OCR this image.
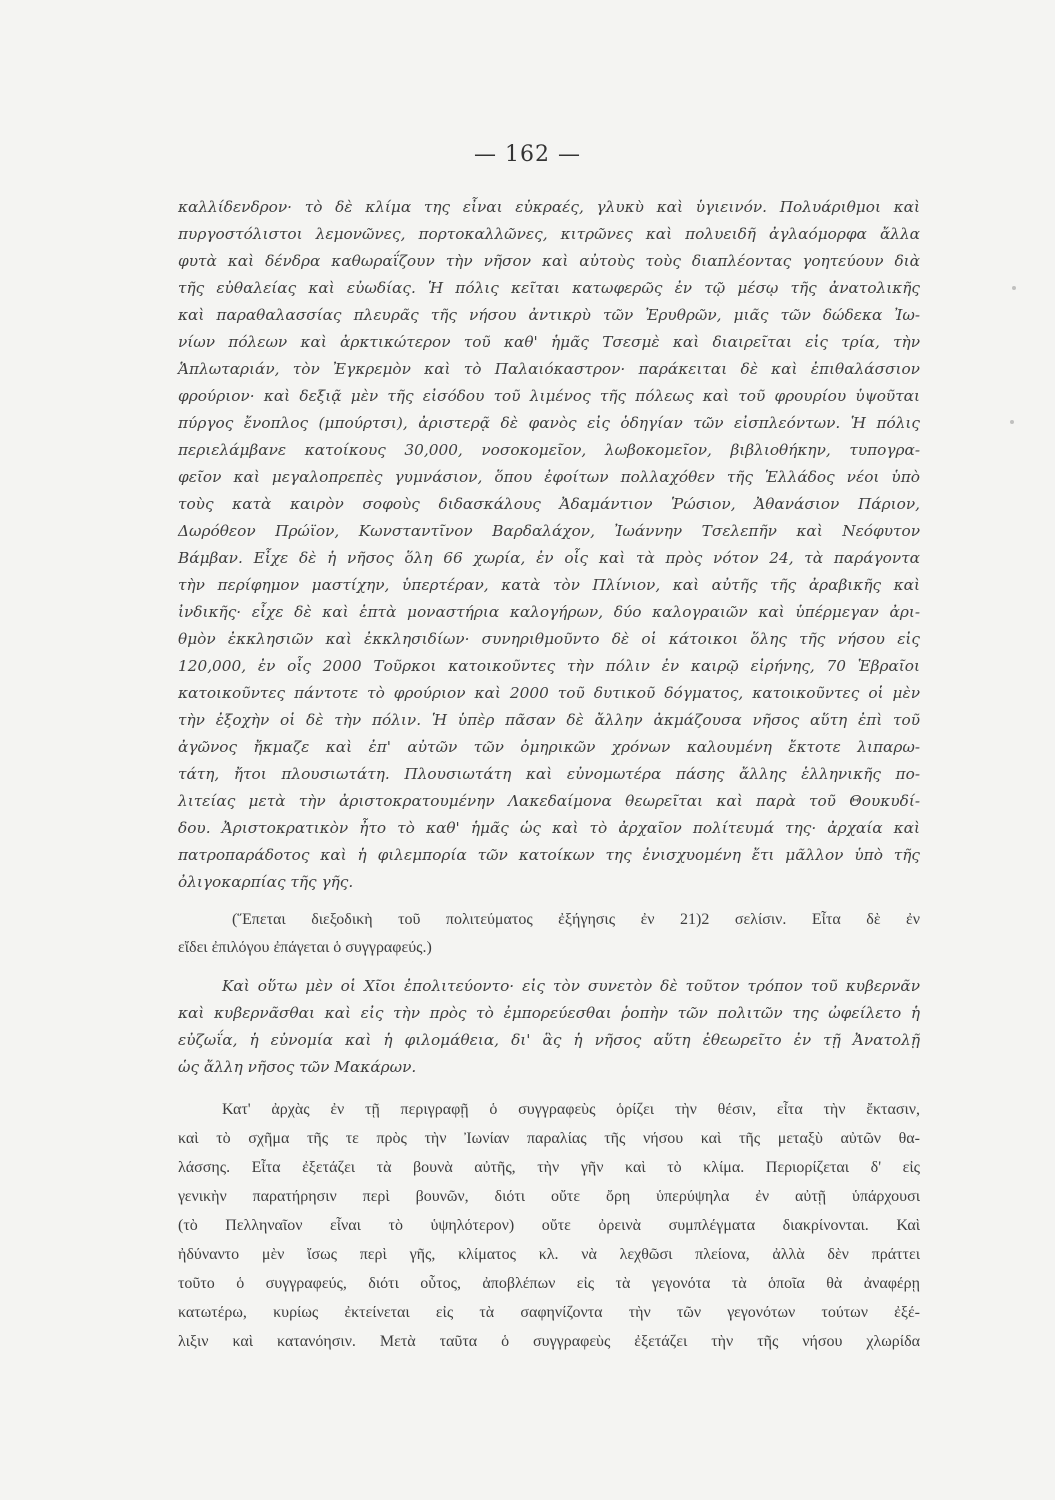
— 162 —
καλλίδενδρον· τὸ δὲ κλίμα της εἶναι εὐκραές, γλυκὺ καὶ ὑγιεινόν. Πολυάριθμοι καὶ
πυργοστόλιστοι λεμονῶνες, πορτοκαλλῶνες, κιτρῶνες καὶ πολυειδῆ ἀγλαόμορφα ἄλλα
φυτὰ καὶ δένδρα καθωραΐζουν τὴν νῆσον καὶ αὐτοὺς τοὺς διαπλέοντας γοητεύουν διὰ
τῆς εὐθαλείας καὶ εὐωδίας. Ἡ πόλις κεῖται κατωφερῶς ἐν τῷ μέσῳ τῆς ἀνατολικῆς
καὶ παραθαλασσίας πλευρᾶς τῆς νήσου ἀντικρὺ τῶν Ἐρυθρῶν, μιᾶς τῶν δώδεκα Ἰω-
νίων πόλεων καὶ ἀρκτικώτερον τοῦ καθ' ἡμᾶς Τσεσμὲ καὶ διαιρεῖται εἰς τρία, τὴν
Ἁπλωταριάν, τὸν Ἐγκρεμὸν καὶ τὸ Παλαιόκαστρον· παράκειται δὲ καὶ ἐπιθαλάσσιον
φρούριον· καὶ δεξιᾷ μὲν τῆς εἰσόδου τοῦ λιμένος τῆς πόλεως καὶ τοῦ φρουρίου ὑψοῦται
πύργος ἔνοπλος (μπούρτσι), ἀριστερᾷ δὲ φανὸς εἰς ὁδηγίαν τῶν εἰσπλεόντων. Ἡ πόλις
περιελάμβανε κατοίκους 30,000, νοσοκομεῖον, λωβοκομεῖον, βιβλιοθήκην, τυπογρα-
φεῖον καὶ μεγαλοπρεπὲς γυμνάσιον, ὅπου ἐφοίτων πολλαχόθεν τῆς Ἑλλάδος νέοι ὑπὸ
τοὺς κατὰ καιρὸν σοφοὺς διδασκάλους Ἀδαμάντιον Ῥώσιον, Ἀθανάσιον Πάριον,
Δωρόθεον Πρώϊον, Κωνσταντῖνον Βαρδαλάχον, Ἰωάννην Τσελεπῆν καὶ Νεόφυτον
Βάμβαν. Εἶχε δὲ ἡ νῆσος ὅλη 66 χωρία, ἐν οἷς καὶ τὰ πρὸς νότον 24, τὰ παράγοντα
τὴν περίφημον μαστίχην, ὑπερτέραν, κατὰ τὸν Πλίνιον, καὶ αὐτῆς τῆς ἀραβικῆς καὶ
ἰνδικῆς· εἶχε δὲ καὶ ἑπτὰ μοναστήρια καλογήρων, δύο καλογραιῶν καὶ ὑπέρμεγαν ἀρι-
θμὸν ἐκκλησιῶν καὶ ἐκκλησιδίων· συνηριθμοῦντο δὲ οἱ κάτοικοι ὅλης τῆς νήσου εἰς
120,000, ἐν οἷς 2000 Τοῦρκοι κατοικοῦντες τὴν πόλιν ἐν καιρῷ εἰρήνης, 70 Ἑβραῖοι
κατοικοῦντες πάντοτε τὸ φρούριον καὶ 2000 τοῦ δυτικοῦ δόγματος, κατοικοῦντες οἱ μὲν
τὴν ἐξοχὴν οἱ δὲ τὴν πόλιν. Ἡ ὑπὲρ πᾶσαν δὲ ἄλλην ἀκμάζουσα νῆσος αὕτη ἐπὶ τοῦ
ἀγῶνος ἤκμαζε καὶ ἐπ' αὐτῶν τῶν ὁμηρικῶν χρόνων καλουμένη ἔκτοτε λιπαρω-
τάτη, ἤτοι πλουσιωτάτη. Πλουσιωτάτη καὶ εὐνομωτέρα πάσης ἄλλης ἑλληνικῆς πο-
λιτείας μετὰ τὴν ἀριστοκρατουμένην Λακεδαίμονα θεωρεῖται καὶ παρὰ τοῦ Θουκυδί-
δου. Ἀριστοκρατικὸν ἦτο τὸ καθ' ἡμᾶς ὡς καὶ τὸ ἀρχαῖον πολίτευμά της· ἀρχαία καὶ
πατροπαράδοτος καὶ ἡ φιλεμπορία τῶν κατοίκων της ἐνισχυομένη ἔτι μᾶλλον ὑπὸ τῆς
ὀλιγοκαρπίας τῆς γῆς.
(Ἕπεται διεξοδικὴ τοῦ πολιτεύματος ἐξήγησις ἐν 21)2 σελίσιν. Εἶτα δὲ ἐν
εἴδει ἐπιλόγου ἐπάγεται ὁ συγγραφεύς.)
Καὶ οὕτω μὲν οἱ Χῖοι ἐπολιτεύοντο· εἰς τὸν συνετὸν δὲ τοῦτον τρόπον τοῦ κυβερνᾶν
καὶ κυβερνᾶσθαι καὶ εἰς τὴν πρὸς τὸ ἐμπορεύεσθαι ῥοπὴν τῶν πολιτῶν της ὠφείλετο ἡ
εὐζωΐα, ἡ εὐνομία καὶ ἡ φιλομάθεια, δι' ἃς ἡ νῆσος αὕτη ἐθεωρεῖτο ἐν τῇ Ἀνατολῇ
ὡς ἄλλη νῆσος τῶν Μακάρων.
Κατ' ἀρχὰς ἐν τῇ περιγραφῇ ὁ συγγραφεὺς ὁρίζει τὴν θέσιν, εἶτα τὴν ἔκτασιν,
καὶ τὸ σχῆμα τῆς τε πρὸς τὴν Ἰωνίαν παραλίας τῆς νήσου καὶ τῆς μεταξὺ αὐτῶν θα-
λάσσης. Εἶτα ἐξετάζει τὰ βουνὰ αὐτῆς, τὴν γῆν καὶ τὸ κλίμα. Περιορίζεται δ' εἰς
γενικὴν παρατήρησιν περὶ βουνῶν, διότι οὔτε ὄρη ὑπερύψηλα ἐν αὐτῇ ὑπάρχουσι
(τὸ Πελληναῖον εἶναι τὸ ὑψηλότερον) οὔτε ὀρεινὰ συμπλέγματα διακρίνονται. Καὶ
ἠδύναντο μὲν ἴσως περὶ γῆς, κλίματος κλ. νὰ λεχθῶσι πλείονα, ἀλλὰ δὲν πράττει
τοῦτο ὁ συγγραφεύς, διότι οὗτος, ἀποβλέπων εἰς τὰ γεγονότα τὰ ὁποῖα θὰ ἀναφέρῃ
κατωτέρω, κυρίως ἐκτείνεται εἰς τὰ σαφηνίζοντα τὴν τῶν γεγονότων τούτων ἐξέ-
λιξιν καὶ κατανόησιν. Μετὰ ταῦτα ὁ συγγραφεὺς ἐξετάζει τὴν τῆς νήσου χλωρίδα
